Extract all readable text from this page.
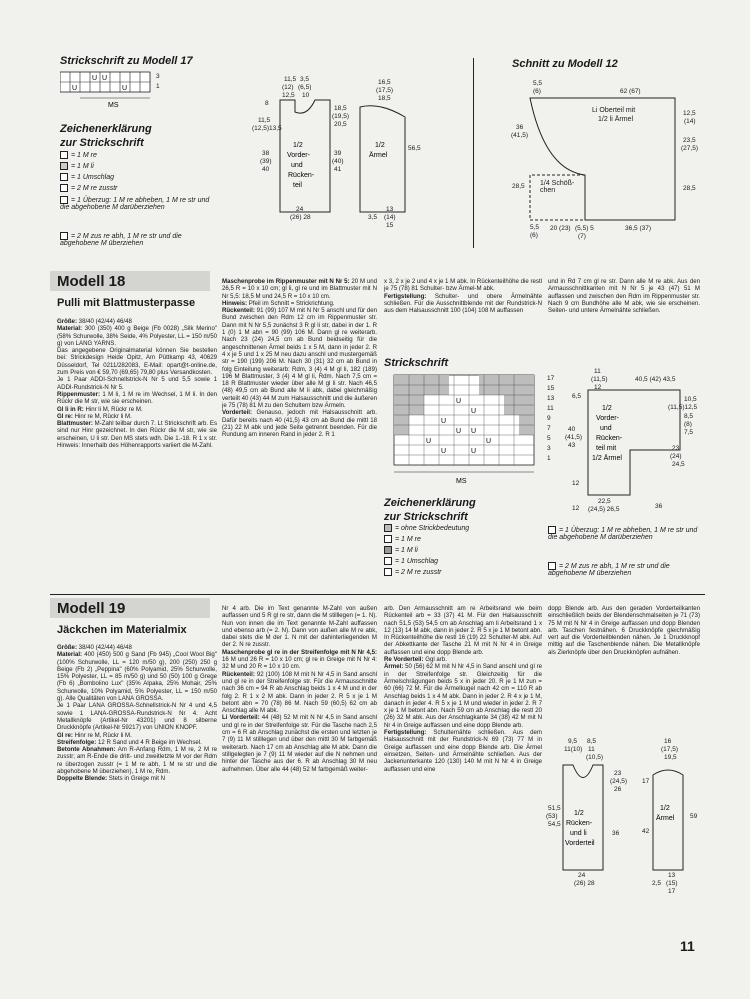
Strickschrift zu Modell 17
U U
U	U
MS
3
1
Zeichenerklärung
zur Strickschrift
= 1 M re
= 1 M li
= 1 Umschlag
= 2 M re zusstr
= 1 Überzug: 1 M re abheben, 1 M re str und die abgehobene M darüberziehen
= 2 M zus re abh, 1 M re str und die abgehobene M überziehen
1/2
Vorder-
und
Rücken-
teil
1/2
Ärmel
11,5
(12)
12,5
3,5
(6,5)
10
16,5
(17,5)
18,5
8
11,5
(12,5)13,5
38
(39)
40
18,5
(19,5)
20,5
39
(40)
41
56,5
24
(26) 28
13
(14)
15
3,5
Schnitt zu Modell 12
5,5
(6)	62 (67)
Li Oberteil mit
1/2 li Ärmel
12,5
(14)
36
(41,5)
23,5
(27,5)
28,5 1/4 Schöß- chen	28,5
5,5
(6)
20 (23) (5,5) 5
(7)
36,5 (37)
Modell 18
Pulli mit Blattmusterpasse

Größe: 38/40 (42/44) 46/48

Material: 300 (350) 400 g Beige (Fb 0028) „Silk Merino" (58% Schurwolle, 38% Seide, 4% Polyester, LL = 150 m/50 g) von LANG YARNS.

Das angegebene Originalmaterial können Sie bestellen bei: Strickdesign Heide Opitz, Am Püttkamp 43, 40629 Düsseldorf, Tel 0211/282083, E-Mail: opart@t-online.de, zum Preis von € 59,70 (69,65) 79,80 plus Versandkosten.

Je 1 Paar ADDI-Schnellstrick-N Nr 5 und 5,5 sowie 1 ADDI-Rundstrick-N Nr 5.

Rippenmuster: 1 M li, 1 M re im Wechsel, 1 M li. In den Rückr die M str, wie sie erscheinen.

Gl li in R: Hinr li M, Rückr re M.

Gl re: Hinr re M, Rückr li M.

Blattmuster: M-Zahl teilbar durch 7. Lt Strickschrift arb. Es sind nur Hinr gezeichnet. In den Rückr die M str, wie sie erscheinen, U li str. Den MS stets wdh. Die 1.-18. R 1 x str. Hinweis: Innerhalb des Höhenrapports variiert die M-Zahl.

Maschenprobe im Rippenmuster mit N Nr 5: 20 M und 26,5 R = 10 x 10 cm; gl li, gl re und im Blattmuster mit N Nr 5,5: 18,5 M und 24,5 R = 10 x 10 cm.

Hinweis: Pfeil im Schnitt = Strickrichtung.

Rückenteil: 91 (99) 107 M mit N Nr 5 anschl und für den Bund zwischen den Rdm 12 cm im Rippenmuster str. Dann mit N Nr 5,5 zunächst 3 R gl li str, dabei in der 1. R 1 (0) 1 M abn = 90 (99) 106 M. Dann gl re weiterarb. Nach 23 (24) 24,5 cm ab Bund beidseitig für die angeschnittenen Ärmel beids 1 x 5 M, dann in jeder 2. R 4 x je 5 und 1 x 25 M neu dazu anschl und mustergemäß str = 190 (199) 206 M. Nach 30 (31) 32 cm ab Bund in folg Einteilung weiterarb: Rdm, 3 (4) 4 M gl li, 182 (189) 196 M Blattmuster, 3 (4) 4 M gl li, Rdm. Nach 7,5 cm = 18 R Blattmuster wieder über alle M gl li str. Nach 46,5 (48) 49,5 cm ab Bund alle M li abk, dabei gleichmäßig verteilt 40 (43) 44 M zum Halsausschnitt und die äußeren je 75 (78) 81 M zu den Schultern bzw Ärmeln.

Vorderteil: Genauso, jedoch mit Halsausschnitt arb. Dafür bereits nach 40 (41,5) 43 cm ab Bund die mittl 18 (21) 22 M abk und jede Seite getrennt beenden. Für die Rundung am inneren Rand in jeder 2. R 1

x 3, 2 x je 2 und 4 x je 1 M abk. In Rückenteilhöhe die restl je 75 (78) 81 Schulter- bzw Ärmel-M abk.

Fertigstellung: Schulter- und obere Ärmelnähte schließen. Für die Ausschnittblende mit der Rundstrick-N aus dem Halsausschnitt 100 (104) 108 M auffassen

und in Rd 7 cm gl re str. Dann alle M re abk. Aus den Armausschnittkanten mit N Nr 5 je 43 (47) 51 M auffassen und zwischen den Rdm im Rippenmuster str. Nach 9 cm Bundhöhe alle M abk, wie sie erscheinen. Seiten- und untere Ärmelnähte schließen.

Strickschrift
U
U
U
U U
U	U
U	U
MS
17
15
13
11
9
7
5
3
1
Zeichenerklärung
zur Strickschrift
= ohne Strickbedeutung
= 1 M re
= 1 M li
= 1 Umschlag
= 2 M re zusstr
1/2
Vorder-
und
Rücken-
teil mit
1/2 Ärmel
11
(11,5)
12
40,5 (42) 43,5
6,5	10,5
(11,5)12,5
8,5
(8)
7,5
40
(41,5)
43	23
(24)
24,5
12
22,5
(24,5) 26,5	36
12
= 1 Überzug: 1 M re abheben, 1 M re str und die abgehobene M darüberziehen
= 2 M zus re abh, 1 M re str und die abgehobene M überziehen
Modell 19
Jäckchen im Materialmix

Größe: 38/40 (42/44) 46/48

Material: 400 (450) 500 g Sand (Fb 945) „Cool Wool Big" (100% Schurwolle, LL = 120 m/50 g), 200 (250) 250 g Beige (Fb 2) „Peppina" (60% Polyamid, 25% Schurwolle, 15% Polyester, LL = 85 m/50 g) und 50 (50) 100 g Grege (Fb 6) „Bombolino Lux" (35% Alpaka, 25% Mohair, 25% Schurwolle, 10% Polyamid, 5% Polyester, LL = 150 m/50 g). Alle Qualitäten von LANA GROSSA.

Je 1 Paar LANA GROSSA-Schnellstrick-N Nr 4 und 4,5 sowie 1 LANA-GROSSA-Rundstrick-N Nr 4. Acht Metallknöpfe (Artikel-Nr 43201) und 8 silberne Druckknöpfe (Artikel-Nr 59217) von UNION KNOPF.

Gl re: Hinr re M, Rückr li M.

Streifenfolge: 12 R Sand und 4 R Beige im Wechsel.

Betonte Abnahmen: Am R-Anfang Rdm, 1 M re, 2 M re zusstr; am R-Ende die dritt- und zweitletzte M vor der Rdm re überzogen zusstr (= 1 M re abh, 1 M re str und die abgehobene M überziehen), 1 M re, Rdm.

Doppelte Blende: Stets in Greige mit N

Nr 4 arb. Die im Text genannte M-Zahl von außen auffassen und 5 R gl re str, dann die M stilllegen (= 1. N). Nun von innen die im Text genannte M-Zahl auffassen und ebenso arb (= 2. N). Dann von außen alle M re abk, dabei stets die M der 1. N mit der dahinterliegenden M der 2. N re zusstr.

Maschenprobe gl re in der Streifenfolge mit N Nr 4,5: 16 M und 26 R = 10 x 10 cm; gl re in Greige mit N Nr 4: 32 M und 20 R = 10 x 10 cm.

Rückenteil: 92 (100) 108 M mit N Nr 4,5 in Sand anschl und gl re in der Streifenfolge str. Für die Armausschnitte nach 36 cm = 94 R ab Anschlag beids 1 x 4 M und in der folg 2. R 1 x 2 M abk. Dann in jeder 2. R 5 x je 1 M betont abn = 70 (78) 86 M. Nach 59 (60,5) 62 cm ab Anschlag alle M abk.

Li Vorderteil: 44 (48) 52 M mit N Nr 4,5 in Sand anschl und gl re in der Streifenfolge str. Für die Tasche nach 2,5 cm = 6 R ab Anschlag zunächst die ersten und letzten je 7 (9) 11 M stilllegen und über den mittl 30 M farbgemäß weiterarb. Nach 17 cm ab Anschlag alle M abk. Dann die stillgelegten je 7 (9) 11 M wieder auf die N nehmen und hinter der Tasche aus der 6. R ab Anschlag 30 M neu aufnehmen. Über alle 44 (48) 52 M farbgemäß weiter-

arb. Den Armausschnitt am re Arbeitsrand wie beim Rückenteil arb = 33 (37) 41 M. Für den Halsausschnitt nach 51,5 (53) 54,5 cm ab Anschlag am li Arbeitsrand 1 x 12 (13) 14 M abk, dann in jeder 2. R 5 x je 1 M betont abn. In Rückenteilhöhe die restl 16 (19) 22 Schulter-M abk. Auf der Abkettkante der Tasche 21 M mit N Nr 4 in Greige auffassen und eine dopp Blende arb.

Re Vorderteil: Ggl arb.

Ärmel: 50 (56) 62 M mit N Nr 4,5 in Sand anschl und gl re in der Streifenfolge str. Gleichzeitig für die Ärmelschrägungen beids 5 x in jeder 20. R je 1 M zun = 60 (66) 72 M. Für die Ärmelkugel nach 42 cm = 110 R ab Anschlag beids 1 x 4 M abk. Dann in jeder 2. R 4 x je 1 M, danach in jeder 4. R 5 x je 1 M und wieder in jeder 2. R 7 x je 1 M betont abn. Nach 59 cm ab Anschlag die restl 20 (26) 32 M abk. Aus der Anschlagkante 34 (38) 42 M mit N Nr 4 in Greige auffassen und eine dopp Blende arb.

Fertigstellung: Schulternähte schließen. Aus dem Halsausschnitt mit der Rundstrick-N 69 (73) 77 M in Greige auffassen und eine dopp Blende arb. Die Ärmel einsetzen, Seiten- und Ärmelnähte schließen. Aus der Jackenunterkante 120 (130) 140 M mit N Nr 4 in Greige auffassen und eine

dopp Blende arb. Aus den geraden Vorderteilkanten einschließlich beids der Blendenschmalseiten je 71 (73) 75 M mit N Nr 4 in Greige auffassen und dopp Blenden arb. Taschen festnähen. 6 Druckknöpfe gleichmäßig vert auf die Vorderteilblenden nähen. Je 1 Druckknopf mittig auf die Taschenblende nähen. Die Metallknöpfe als Zierknöpfe über den Druckknöpfen aufnähen.

1/2
Rücken-
und li
Vorderteil
1/2
Ärmel
9,5 8,5
11(10) 11
(10,5)
16
(17,5)
19,5
23
(24,5)
26
17
51,5
(53)
54,5
36	42
59
24
(26) 28	2,5
13
(15)
17
11
